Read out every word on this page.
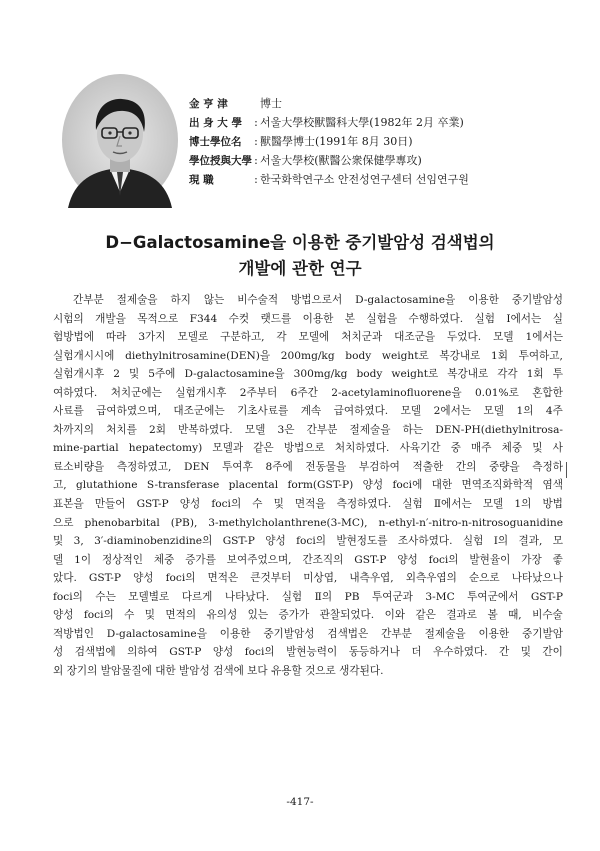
金 亨 津	博士
出 身 大 學	: 서울大學校獸醫科大學(1982年 2月 卒業)
博士學位名	: 獸醫學博士(1991年 8月 30日)
學位授與大學 : 서울大學校(獸醫公衆保健學專攻)
現 職	: 한국화학연구소 안전성연구센터 선임연구원
D−Galactosamine을 이용한 중기발암성 검색법의
개발에 관한 연구
간부분 절제술을 하지 않는 비수술적 방법으로서 D-galactosamine을 이용한 중기발암성
시험의 개발을 목적으로 F344 수컷 랫드를 이용한 본 실험을 수행하였다. 실험 Ⅰ에서는 실
험방법에 따라 3가지 모델로 구분하고, 각 모델에 처치군과 대조군을 두었다. 모델 1에서는
실험개시시에 diethylnitrosamine(DEN)을 200mg/kg body weight로 복강내로 1회 투여하고,
실험개시후 2 및 5주에 D-galactosamine을 300mg/kg body weight로 복강내로 각각 1회 투
여하였다. 처치군에는 실험개시후 2주부터 6주간 2-acetylaminofluorene을 0.01%로 혼합한
사료를 급여하였으며, 대조군에는 기초사료를 계속 급여하였다. 모델 2에서는 모델 1의 4주
차까지의 처치를 2회 반복하였다. 모델 3은 간부분 절제술을 하는 DEN-PH(diethylnitrosa-
mine-partial hepatectomy) 모델과 같은 방법으로 처치하였다. 사육기간 중 매주 체중 및 사
료소비량을 측정하였고, DEN 투여후 8주에 전동물을 부검하여 적출한 간의 중량을 측정하
고, glutathione S-transferase placental form(GST-P) 양성 foci에 대한 면역조직화학적 염색
표본을 만들어 GST-P 양성 foci의 수 및 면적을 측정하였다. 실험 Ⅱ에서는 모델 1의 방법
으로 phenobarbital (PB), 3-methylcholanthrene(3-MC), n-ethyl-n′-nitro-n-nitrosoguanidine
및 3, 3′-diaminobenzidine의 GST-P 양성 foci의 발현정도를 조사하였다. 실험 Ⅰ의 결과, 모
델 1이 정상적인 체중 증가를 보여주었으며, 간조직의 GST-P 양성 foci의 발현율이 가장 좋
았다. GST-P 양성 foci의 면적은 큰것부터 미상엽, 내측우엽, 외측우엽의 순으로 나타났으나
foci의 수는 모델별로 다르게 나타났다. 실험 Ⅱ의 PB 투여군과 3-MC 투여군에서 GST-P
양성 foci의 수 및 면적의 유의성 있는 증가가 관찰되었다. 이와 같은 결과로 볼 때, 비수술
적방법인 D-galactosamine을 이용한 중기발암성 검색법은 간부분 절제술을 이용한 중기발암
성 검색법에 의하여 GST-P 양성 foci의 발현능력이 동등하거나 더 우수하였다. 간 및 간이
외 장기의 발암물질에 대한 발암성 검색에 보다 유용할 것으로 생각된다.
-417-
